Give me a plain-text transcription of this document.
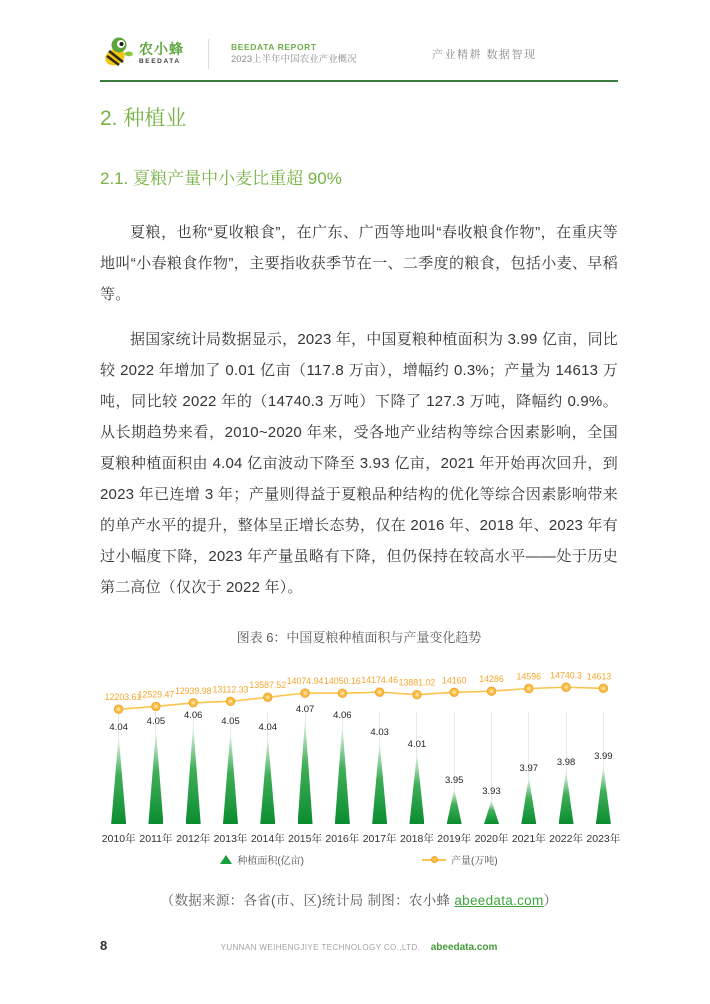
农小蜂
BEEDATA
BEEDATA REPORT
2023上半年中国农业产业概况	产业精耕 数据智现
2. 种植业
2.1. 夏粮产量中小麦比重超 90%

夏粮，也称“夏收粮食”，在广东、广西等地叫“春收粮食作物”，在重庆等地叫“小春粮食作物”，主要指收获季节在一、二季度的粮食，包括小麦、早稻等。

据国家统计局数据显示，2023 年，中国夏粮种植面积为 3.99 亿亩，同比较 2022 年增加了 0.01 亿亩（117.8 万亩），增幅约 0.3%；产量为 14613 万吨，同比较 2022 年的（14740.3 万吨）下降了 127.3 万吨，降幅约 0.9%。从长期趋势来看，2010~2020 年来，受各地产业结构等综合因素影响，全国夏粮种植面积由 4.04 亿亩波动下降至 3.93 亿亩，2021 年开始再次回升，到 2023 年已连增 3 年；产量则得益于夏粮品种结构的优化等综合因素影响带来的单产水平的提升，整体呈正增长态势，仅在 2016 年、2018 年、2023 年有过小幅度下降，2023 年产量虽略有下降，但仍保持在较高水平——处于历史第二高位（仅次于 2022 年）。

图表 6：中国夏粮种植面积与产量变化趋势
4.04
2010年
4.05
2011年
4.06
2012年
4.05
2013年
4.04
2014年
4.07
2015年
4.06
2016年
4.03
2017年
4.01
2018年
3.95
2019年
3.93
2020年
3.97
2021年
3.98
2022年
3.99
2023年
12203.61
12529.47 12939.98 13112.33 13587.52 14074.94 14050.16 14174.46 13881.02 14160 14286 14596 14740.3 14613
种植面积(亿亩)	产量(万吨)
（数据来源：各省(市、区)统计局 制图：农小蜂 abeedata.com）
8	YUNNAN WEIHENGJIYE TECHNOLOGY CO.,LTD. abeedata.com
